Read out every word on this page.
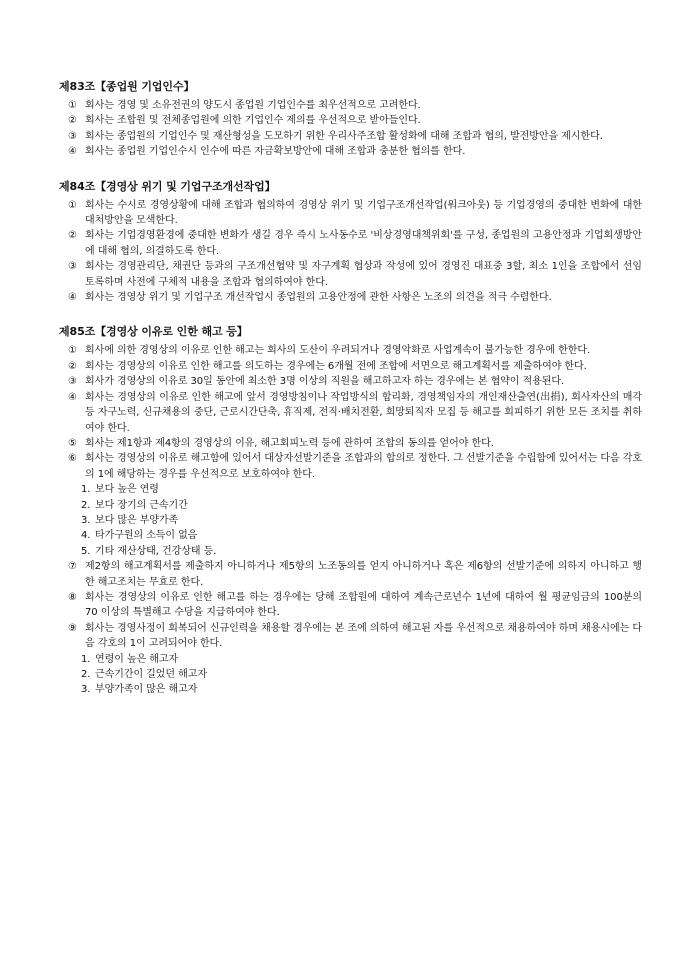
제83조【종업원 기업인수】
① 회사는 경영 및 소유전권의 양도시 종업원 기업인수를 최우선적으로 고려한다.
② 회사는 조합원 및 전체종업원에 의한 기업인수 제의를 우선적으로 받아들인다.
③ 회사는 종업원의 기업인수 및 재산형성을 도모하기 위한 우리사주조합 활성화에 대해 조합과 협의, 발전방안을 제시한다.
④ 회사는 종업원 기업인수시 인수에 따른 자금확보방안에 대해 조합과 충분한 협의를 한다.
제84조【경영상 위기 및 기업구조개선작업】
① 회사는 수시로 경영상황에 대해 조합과 협의하여 경영상 위기 및 기업구조개선작업(워크아웃) 등 기업경영의 중대한 변화에 대한 대처방안을 모색한다.
② 회사는 기업경영환경에 중대한 변화가 생길 경우 즉시 노사동수로 '비상경영대책위회'를 구성, 종업원의 고용안정과 기업회생방안에 대해 협의, 의결하도록 한다.
③ 회사는 경영관리단, 채권단 등과의 구조개선협약 및 자구계획 협상과 작성에 있어 경영진 대표중 3할, 최소 1인을 조합에서 선임토록하며 사전에 구체적 내용을 조합과 협의하여야 한다.
④ 회사는 경영상 위기 및 기업구조 개선작업시 종업원의 고용안정에 관한 사항은 노조의 의견을 적극 수렴한다.
제85조【경영상 이유로 인한 해고 등】
① 회사에 의한 경영상의 이유로 인한 해고는 회사의 도산이 우려되거나 경영악화로 사업계속이 불가능한 경우에 한한다.
② 회사는 경영상의 이유로 인한 해고를 의도하는 경우에는 6개월 전에 조합에 서면으로 해고계획서를 제출하여야 한다.
③ 회사가 경영상의 이유로 30일 동안에 최소한 3명 이상의 직원을 해고하고자 하는 경우에는 본 협약이 적용된다.
④ 회사는 경영상의 이유로 인한 해고에 앞서 경영방침이나 작업방식의 합리화, 경영책임자의 개인재산출연(出捐), 회사자산의 매각 등 자구노력, 신규채용의 중단, 근로시간단축, 휴직제, 전직·배치전환, 희망퇴직자 모집 등 해고를 회피하기 위한 모든 조치를 취하여야 한다.
⑤ 회사는 제1항과 제4항의 경영상의 이유, 해고회피노력 등에 관하여 조합의 동의를 얻어야 한다.
⑥ 회사는 경영상의 이유로 해고함에 있어서 대상자선발기준을 조합과의 합의로 정한다. 그 선발기준을 수립함에 있어서는 다음 각호의 1에 해당하는 경우를 우선적으로 보호하여야 한다.
1. 보다 높은 연령
2. 보다 장기의 근속기간
3. 보다 많은 부양가족
4. 타가구원의 소득이 없음
5. 기타 재산상태, 건강상태 등.
⑦ 제2항의 해고계획서를 제출하지 아니하거나 제5항의 노조동의를 얻지 아니하거나 혹은 제6항의 선발기준에 의하지 아니하고 행한 해고조치는 무효로 한다.
⑧ 회사는 경영상의 이유로 인한 해고를 하는 경우에는 당해 조합원에 대하여 계속근로년수 1년에 대하여 월 평균임금의 100분의 70 이상의 특별해고 수당을 지급하여야 한다.
⑨ 회사는 경영사정이 회복되어 신규인력을 채용할 경우에는 본 조에 의하여 해고된 자를 우선적으로 채용하여야 하며 채용시에는 다음 각호의 1이 고려되어야 한다.
1. 연령이 높은 해고자
2. 근속기간이 길었던 해고자
3. 부양가족이 많은 해고자
